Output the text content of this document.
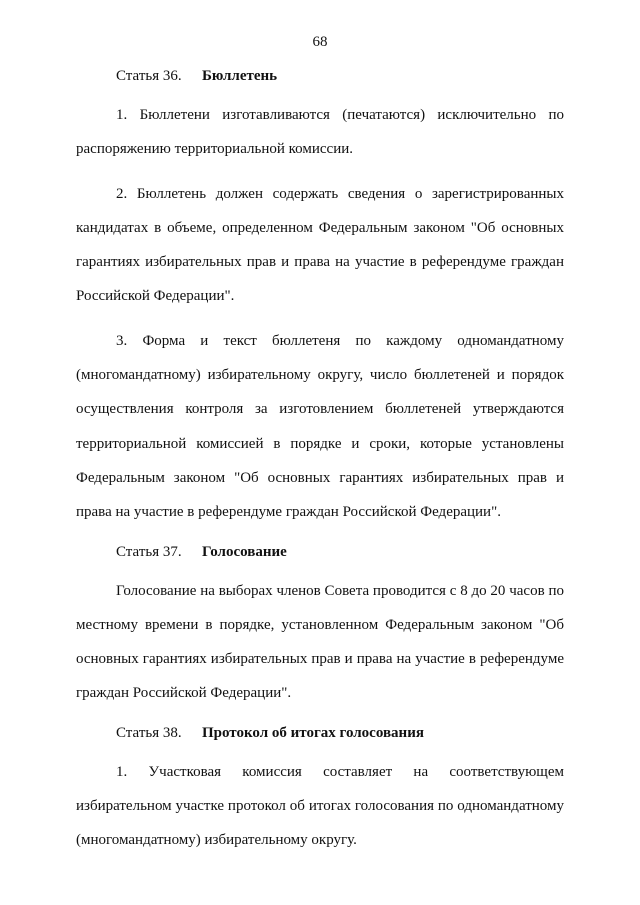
68
Статья 36. Бюллетень

1. Бюллетени изготавливаются (печатаются) исключительно по распоряжению территориальной комиссии.

2. Бюллетень должен содержать сведения о зарегистрированных кандидатах в объеме, определенном Федеральным законом "Об основных гарантиях избирательных прав и права на участие в референдуме граждан Российской Федерации".

3. Форма и текст бюллетеня по каждому одномандатному (многомандатному) избирательному округу, число бюллетеней и порядок осуществления контроля за изготовлением бюллетеней утверждаются территориальной комиссией в порядке и сроки, которые установлены Федеральным законом "Об основных гарантиях избирательных прав и права на участие в референдуме граждан Российской Федерации".

Статья 37. Голосование

Голосование на выборах членов Совета проводится с 8 до 20 часов по местному времени в порядке, установленном Федеральным законом "Об основных гарантиях избирательных прав и права на участие в референдуме граждан Российской Федерации".

Статья 38. Протокол об итогах голосования

1. Участковая комиссия составляет на соответствующем избирательном участке протокол об итогах голосования по одномандатному (многомандатному) избирательному округу.
